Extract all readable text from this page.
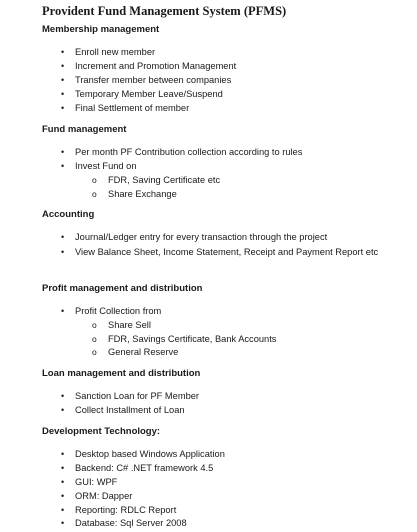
Provident Fund Management System (PFMS)
Membership management
• Enroll new member
• Increment and Promotion Management
• Transfer member between companies
• Temporary Member Leave/Suspend
• Final Settlement of member
Fund management
• Per month PF Contribution collection according to rules
• Invest Fund on
o FDR, Saving Certificate etc
o Share Exchange
Accounting
• Journal/Ledger entry for every transaction through the project
• View Balance Sheet, Income Statement, Receipt and Payment Report etc
Profit management and distribution
• Profit Collection from
o Share Sell
o FDR, Savings Certificate, Bank Accounts
o General Reserve
Loan management and distribution
• Sanction Loan for PF Member
• Collect Installment of Loan
Development Technology:
• Desktop based Windows Application
• Backend: C# .NET framework 4.5
• GUI: WPF
• ORM: Dapper
• Reporting: RDLC Report
• Database: Sql Server 2008
